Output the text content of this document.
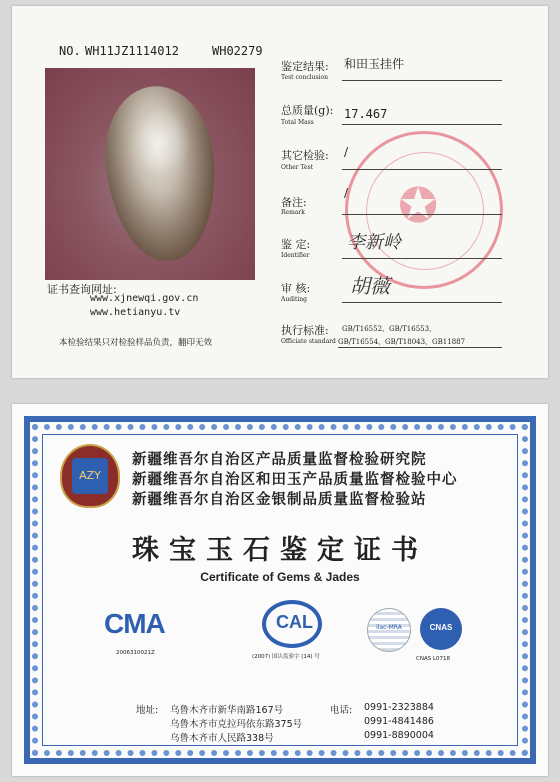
NO. WH11JZ1114012	WH02279
证书查询网址:
www.xjnewqi.gov.cn
www.hetianyu.tv
本检验结果只对检验样品负责，翻印无效
✪
鉴定结果:
Test conclusion
和田玉挂件
总质量(g):
Total Mass
17.467
其它检验:
Other Test
/
备注:
Remark
/
鉴 定:
Identifier
李新岭
审 核:
Auditing
胡薇
执行标准:
Officiate standard
GB/T16552、GB/T16553、
GB/T16554、GB/T18043、GB11887
AZY
新疆维吾尔自治区产品质量监督检验研究院
新疆维吾尔自治区和田玉产品质量监督检验中心
新疆维吾尔自治区金银制品质量监督检验站
珠宝玉石鉴定证书
Certificate of Gems & Jades
CMA
2006310021Z
CAL
(2007) 国认监验字 (14) 号
ilac-MRA	CNAS
CNAS L0718
地址: 乌鲁木齐市新华南路167号
乌鲁木齐市克拉玛依东路375号
乌鲁木齐市人民路338号
电话: 0991-2323884
0991-4841486
0991-8890004
